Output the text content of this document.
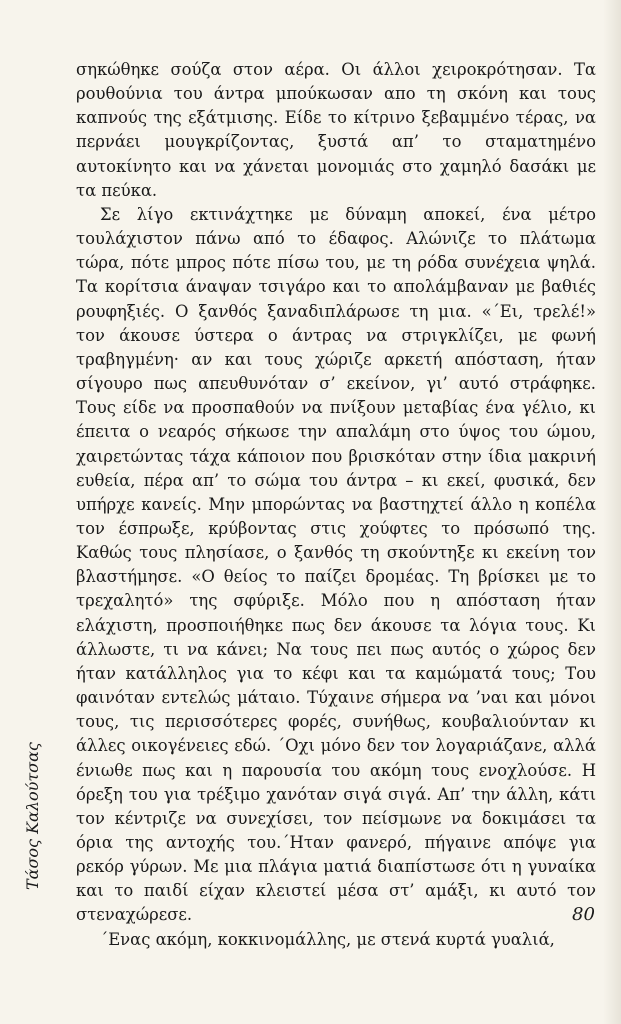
σηκώθηκε σούζα στον αέρα. Οι άλλοι χειροκρότησαν. Τα ρουθούνια του άντρα μπούκωσαν απο τη σκόνη και τους καπνούς της εξάτμισης. Είδε το κίτρινο ξεβαμμένο τέρας, να περνάει μουγκρίζοντας, ξυστά απ’ το σταματημένο αυτοκίνητο και να χάνεται μονομιάς στο χαμηλό δασάκι με τα πεύκα.

Σε λίγο εκτινάχτηκε με δύναμη αποκεί, ένα μέτρο τουλάχιστον πάνω από το έδαφος. Αλώνιζε το πλάτωμα τώρα, πότε μπρος πότε πίσω του, με τη ρόδα συνέχεια ψηλά. Τα κορίτσια άναψαν τσιγάρο και το απολάμβαναν με βαθιές ρουφηξιές. Ο ξανθός ξαναδιπλάρωσε τη μια. «΄Ει, τρελέ!» τον άκουσε ύστερα ο άντρας να στριγκλίζει, με φωνή τραβηγμένη· αν και τους χώριζε αρκετή απόσταση, ήταν σίγουρο πως απευθυνόταν σ’ εκείνον, γι’ αυτό στράφηκε. Τους είδε να προσπαθούν να πνίξουν μεταβίας ένα γέλιο, κι έπειτα ο νεαρός σήκωσε την απαλάμη στο ύψος του ώμου, χαιρετώντας τάχα κάποιον που βρισκόταν στην ίδια μακρινή ευθεία, πέρα απ’ το σώμα του άντρα – κι εκεί, φυσικά, δεν υπήρχε κανείς. Μην μπορώντας να βαστηχτεί άλλο η κοπέλα τον έσπρωξε, κρύβοντας στις χούφτες το πρόσωπό της. Καθώς τους πλησίασε, ο ξανθός τη σκούντηξε κι εκείνη τον βλαστήμησε. «Ο θείος το παίζει δρομέας. Τη βρίσκει με το τρεχαλητό» της σφύριξε. Μόλο που η απόσταση ήταν ελάχιστη, προσποιήθηκε πως δεν άκουσε τα λόγια τους. Κι άλλωστε, τι να κάνει; Να τους πει πως αυτός ο χώρος δεν ήταν κατάλληλος για το κέφι και τα καμώματά τους; Του φαινόταν εντελώς μάταιο. Τύχαινε σήμερα να ’ναι και μόνοι τους, τις περισσότερες φορές, συνήθως, κουβαλιούνταν κι άλλες οικογένειες εδώ. ΄Οχι μόνο δεν τον λογαριάζανε, αλλά ένιωθε πως και η παρουσία του ακόμη τους ενοχλούσε. Η όρεξη του για τρέξιμο χανόταν σιγά σιγά. Απ’ την άλλη, κάτι τον κέντριζε να συνεχίσει, τον πείσμωνε να δοκιμάσει τα όρια της αντοχής του.΄Ηταν φανερό, πήγαινε απόψε για ρεκόρ γύρων. Με μια πλάγια ματιά διαπίστωσε ότι η γυναίκα και το παιδί είχαν κλειστεί μέσα στ’ αμάξι, κι αυτό τον στεναχώρεσε.

΄Ενας ακόμη, κοκκινομάλλης, με στενά κυρτά γυαλιά,

Τάσος Καλούτσας
80
